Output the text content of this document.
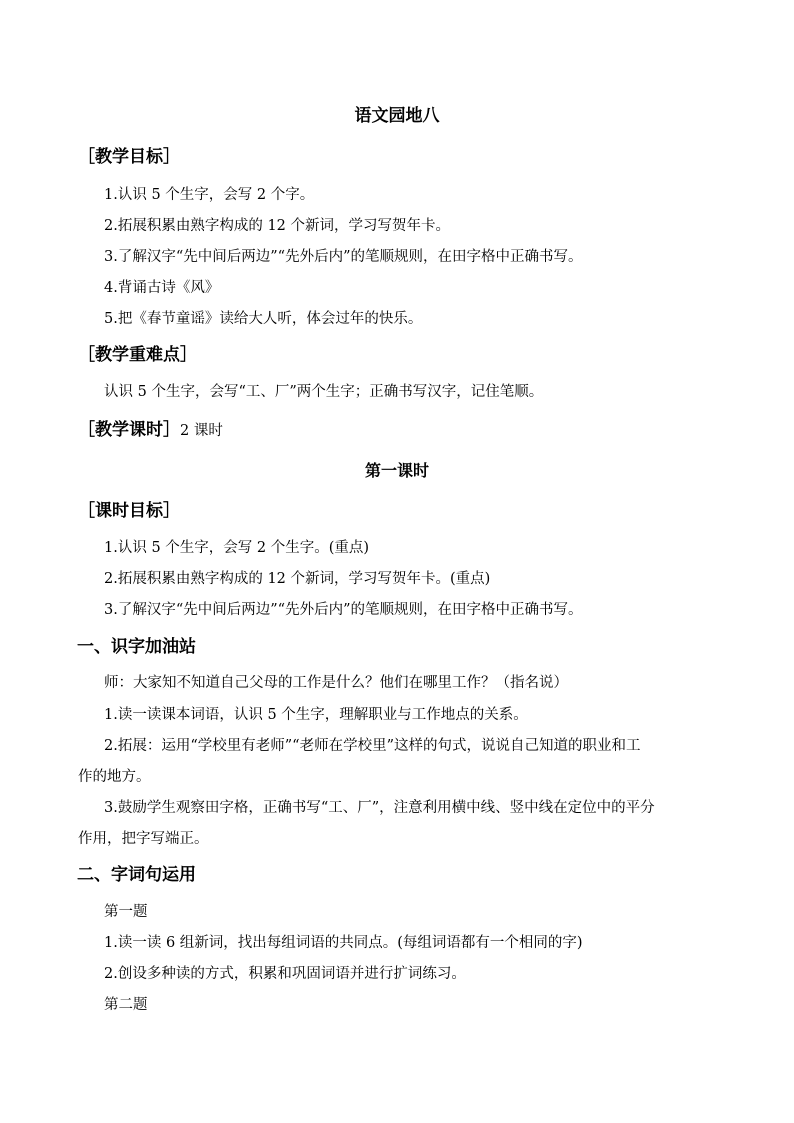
语文园地八
［教学目标］
1.认识 5 个生字，会写 2 个字。
2.拓展积累由熟字构成的 12 个新词，学习写贺年卡。
3.了解汉字“先中间后两边”“先外后内”的笔顺规则，在田字格中正确书写。
4.背诵古诗《风》
5.把《春节童谣》读给大人听，体会过年的快乐。
［教学重难点］
认识 5 个生字，会写“工、厂”两个生字；正确书写汉字，记住笔顺。
［教学课时］2 课时
第一课时
［课时目标］
1.认识 5 个生字，会写 2 个生字。(重点)
2.拓展积累由熟字构成的 12 个新词，学习写贺年卡。(重点)
3.了解汉字“先中间后两边”“先外后内”的笔顺规则，在田字格中正确书写。
一、识字加油站
师：大家知不知道自己父母的工作是什么？他们在哪里工作？（指名说）
1.读一读课本词语，认识 5 个生字，理解职业与工作地点的关系。
2.拓展：运用“学校里有老师”“老师在学校里”这样的句式，说说自己知道的职业和工
作的地方。
3.鼓励学生观察田字格，正确书写“工、厂”，注意利用横中线、竖中线在定位中的平分
作用，把字写端正。
二、字词句运用
第一题
1.读一读 6 组新词，找出每组词语的共同点。(每组词语都有一个相同的字)
2.创设多种读的方式，积累和巩固词语并进行扩词练习。
第二题
